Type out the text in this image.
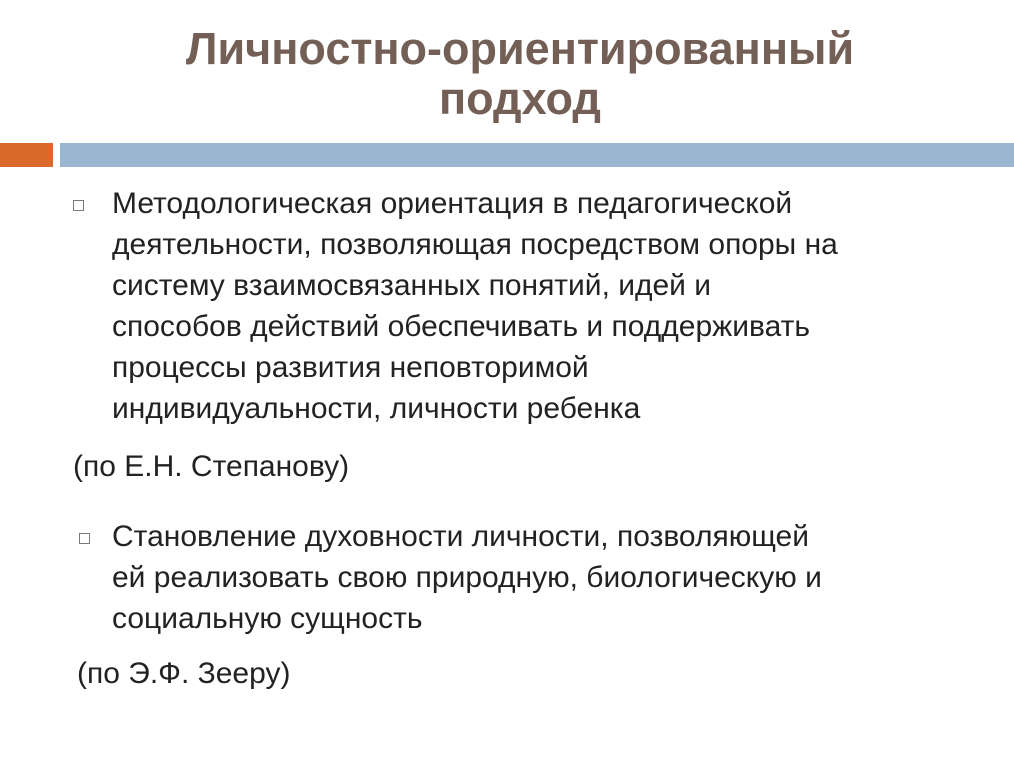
Личностно-ориентированный
подход
Методологическая ориентация в педагогической
деятельности, позволяющая посредством опоры на
систему взаимосвязанных понятий, идей и
способов действий обеспечивать и поддерживать
процессы развития неповторимой
индивидуальности, личности ребенка
(по Е.Н. Степанову)
Становление духовности личности, позволяющей
ей реализовать свою природную, биологическую и
социальную сущность
(по Э.Ф. Зееру)
